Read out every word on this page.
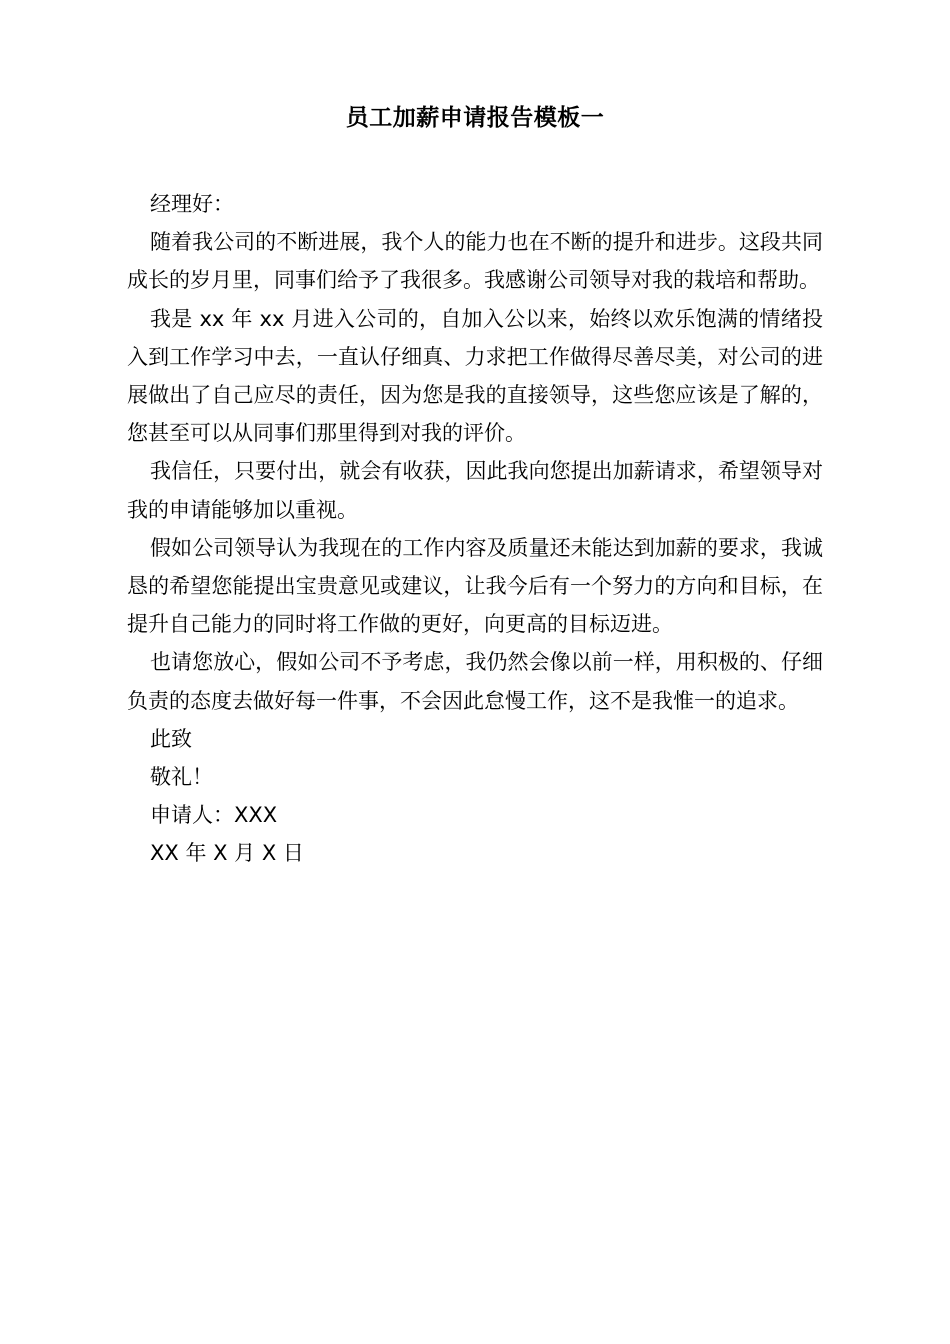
员工加薪申请报告模板一

经理好：

随着我公司的不断进展，我个人的能力也在不断的提升和进步。这段共同成长的岁月里，同事们给予了我很多。我感谢公司领导对我的栽培和帮助。

我是 xx 年 xx 月进入公司的，自加入公以来，始终以欢乐饱满的情绪投入到工作学习中去，一直认仔细真、力求把工作做得尽善尽美，对公司的进展做出了自己应尽的责任，因为您是我的直接领导，这些您应该是了解的，您甚至可以从同事们那里得到对我的评价。

我信任，只要付出，就会有收获，因此我向您提出加薪请求，希望领导对我的申请能够加以重视。

假如公司领导认为我现在的工作内容及质量还未能达到加薪的要求，我诚恳的希望您能提出宝贵意见或建议，让我今后有一个努力的方向和目标，在提升自己能力的同时将工作做的更好，向更高的目标迈进。

也请您放心，假如公司不予考虑，我仍然会像以前一样，用积极的、仔细负责的态度去做好每一件事，不会因此怠慢工作，这不是我惟一的追求。

此致

敬礼！

申请人：XXX

XX 年 X 月 X 日
